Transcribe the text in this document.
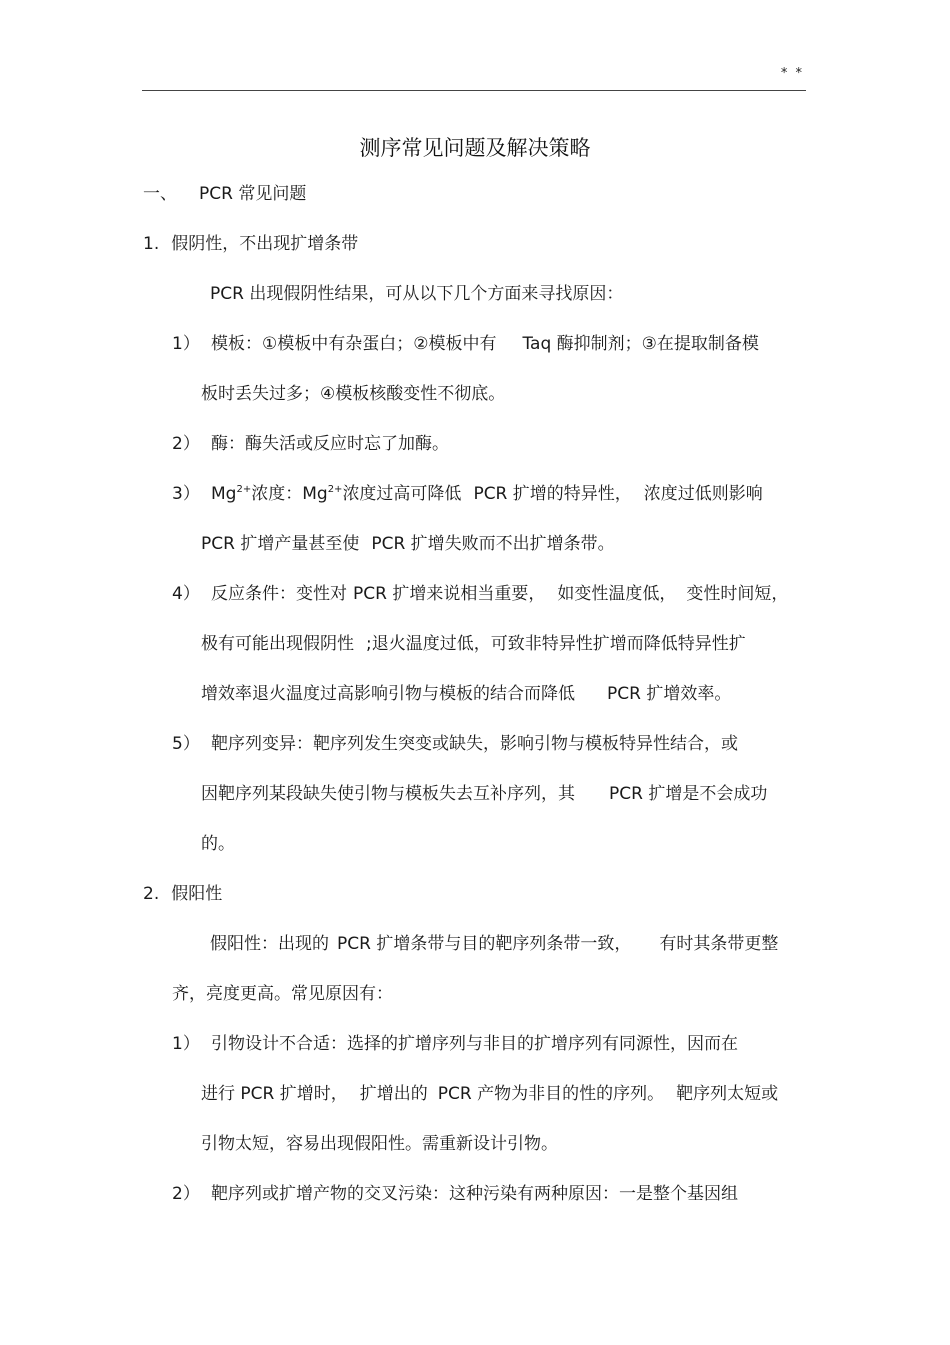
* *
测序常见问题及解决策略
一、 PCR 常见问题
1. 假阴性，不出现扩增条带
PCR 出现假阴性结果，可从以下几个方面来寻找原因：
1） 模板：①模板中有杂蛋白；②模板中有 Taq 酶抑制剂；③在提取制备模
板时丢失过多；④模板核酸变性不彻底。
2） 酶：酶失活或反应时忘了加酶。
3） $Mg^{2+}$浓度：$Mg^{2+}$浓度过高可降低 PCR 扩增的特异性， 浓度过低则影响
PCR 扩增产量甚至使 PCR 扩增失败而不出扩增条带。
4） 反应条件：变性对 PCR 扩增来说相当重要， 如变性温度低， 变性时间短，
极有可能出现假阴性 ;退火温度过低，可致非特异性扩增而降低特异性扩
增效率退火温度过高影响引物与模板的结合而降低 PCR 扩增效率。
5） 靶序列变异：靶序列发生突变或缺失，影响引物与模板特异性结合，或
因靶序列某段缺失使引物与模板失去互补序列，其 PCR 扩增是不会成功
的。
2. 假阳性
假阳性：出现的 PCR 扩增条带与目的靶序列条带一致， 有时其条带更整
齐，亮度更高。常见原因有：
1） 引物设计不合适：选择的扩增序列与非目的扩增序列有同源性，因而在
进行 PCR 扩增时， 扩增出的 PCR 产物为非目的性的序列。 靶序列太短或
引物太短，容易出现假阳性。需重新设计引物。
2） 靶序列或扩增产物的交叉污染：这种污染有两种原因：一是整个基因组
